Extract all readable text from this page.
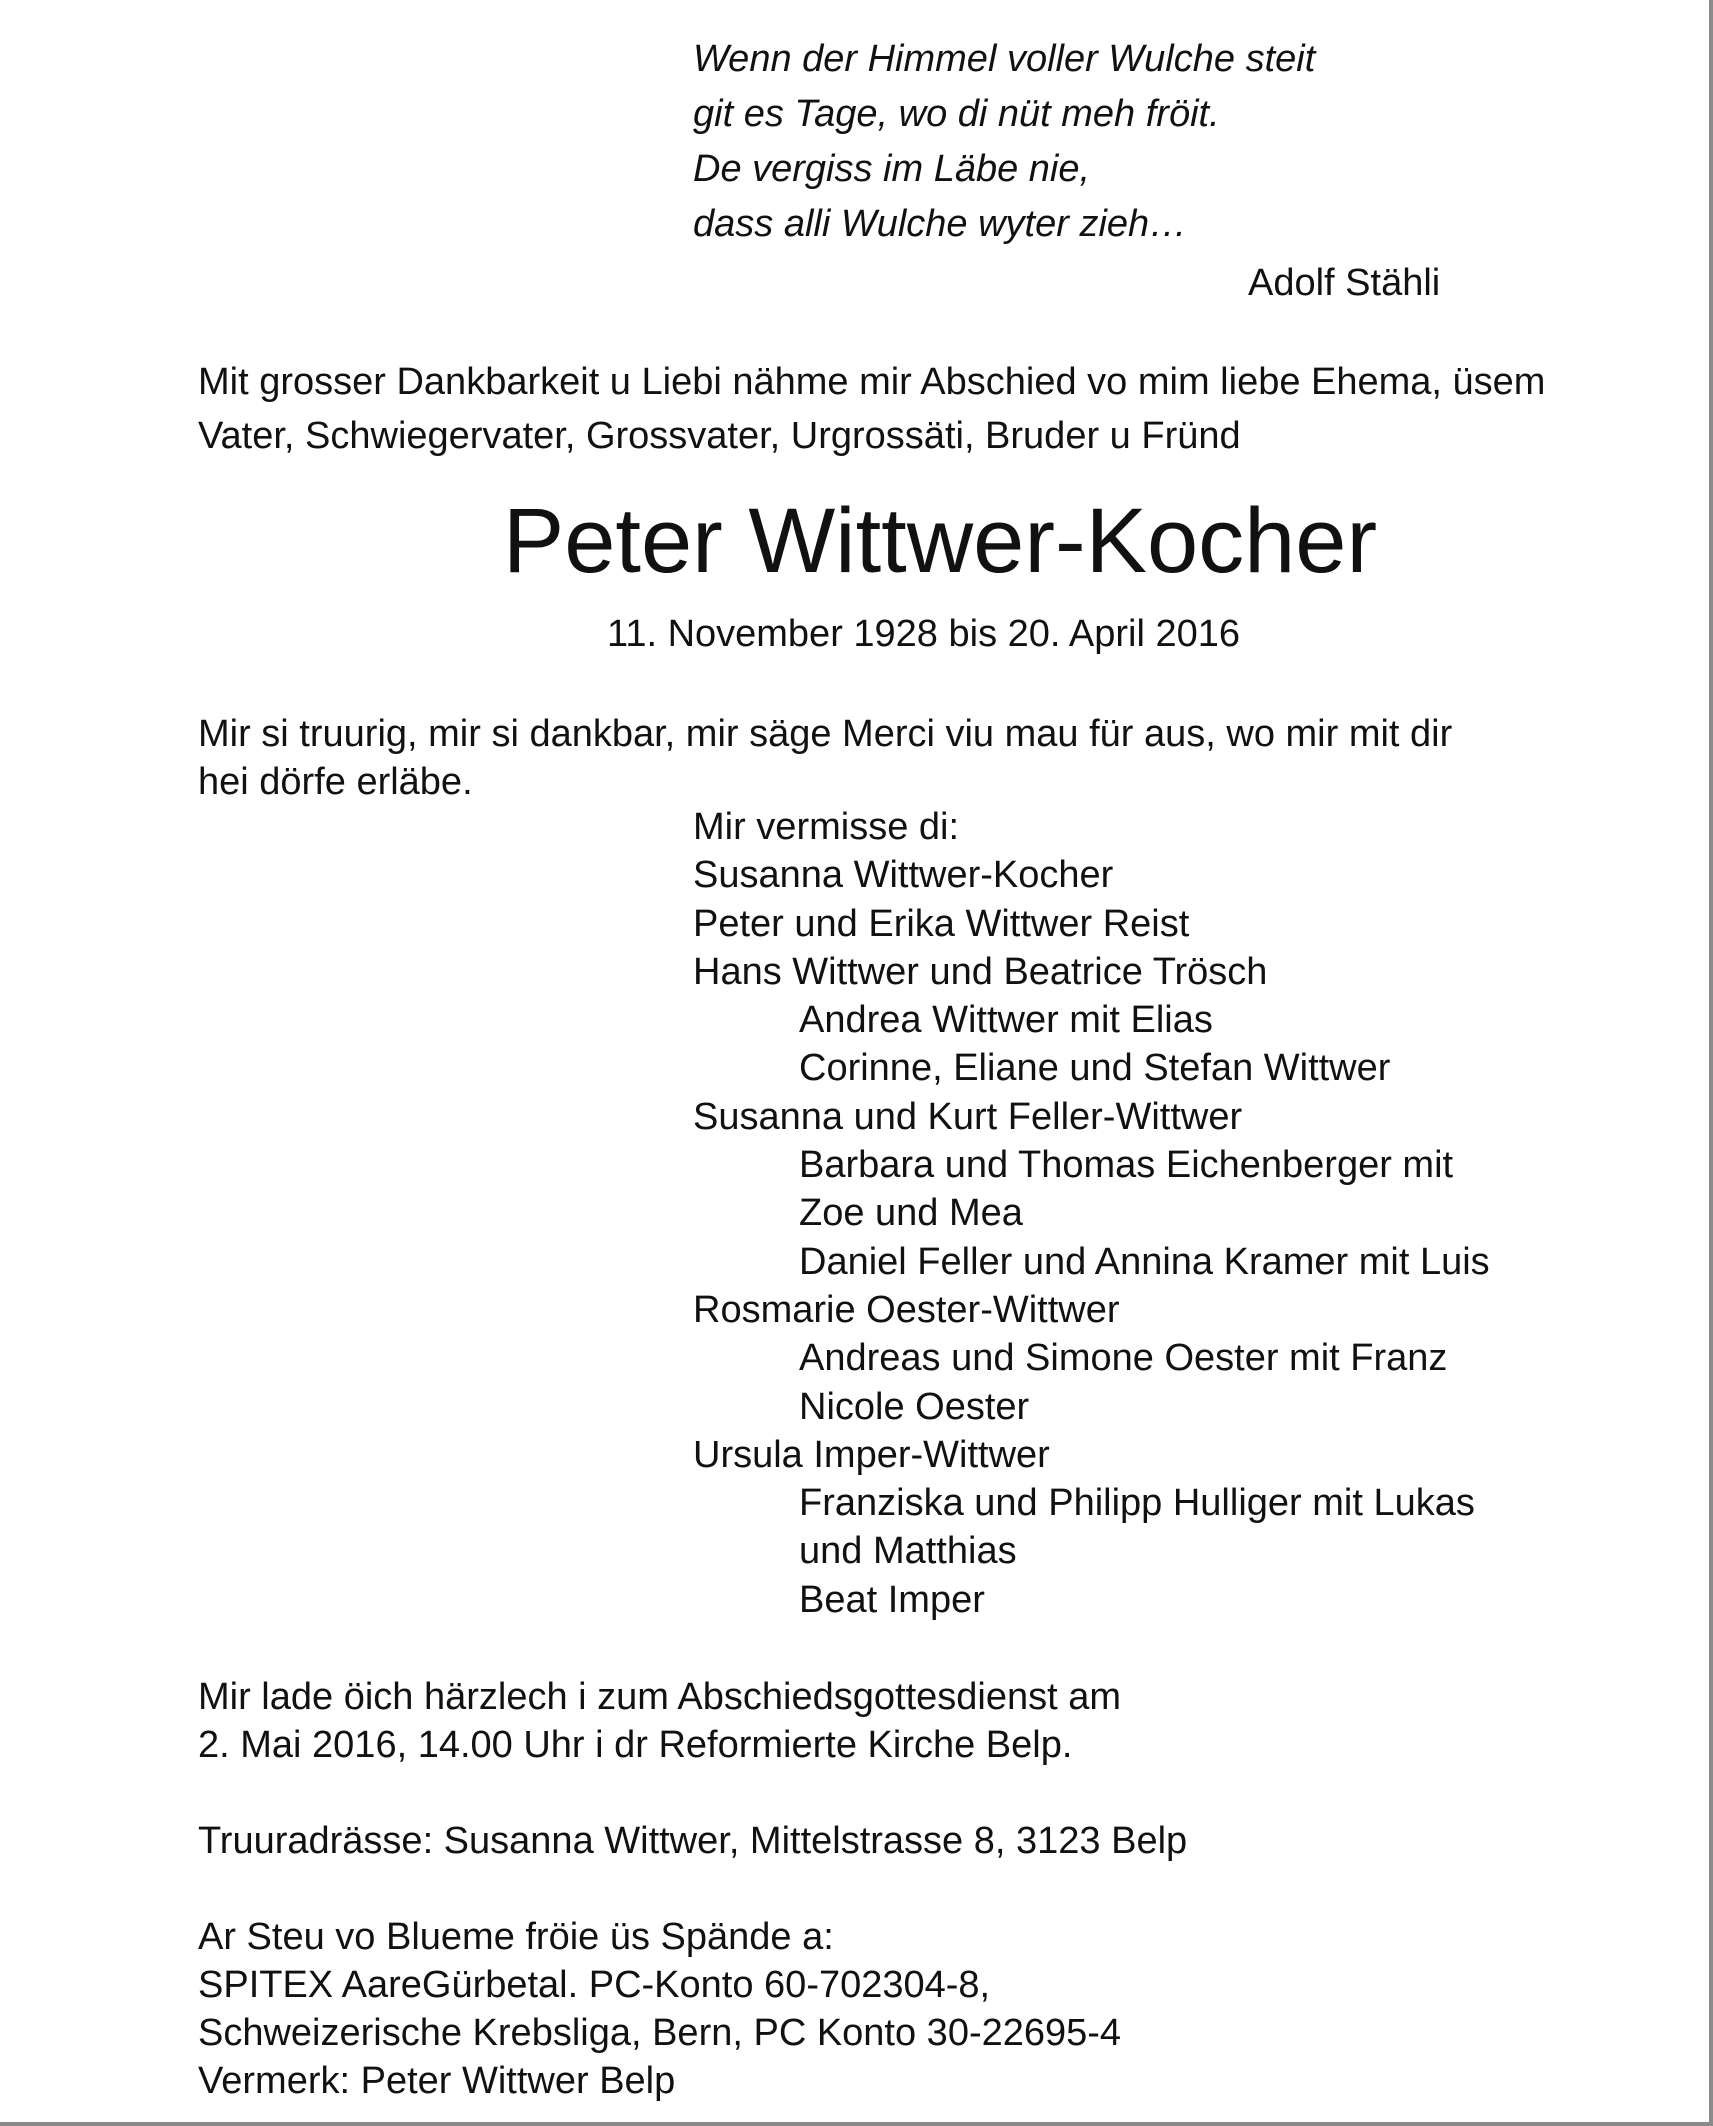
Wenn der Himmel voller Wulche steit
git es Tage, wo di nüt meh fröit.
De vergiss im Läbe nie,
dass alli Wulche wyter zieh…
Adolf Stähli
Mit grosser Dankbarkeit u Liebi nähme mir Abschied vo mim liebe Ehema, üsem
Vater, Schwiegervater, Grossvater, Urgrossäti, Bruder u Fründ
Peter Wittwer-Kocher
11. November 1928 bis 20. April 2016
Mir si truurig, mir si dankbar, mir säge Merci viu mau für aus, wo mir mit dir
hei dörfe erläbe.
Mir vermisse di:
Susanna Wittwer-Kocher
Peter und Erika Wittwer Reist
Hans Wittwer und Beatrice Trösch
Andrea Wittwer mit Elias
Corinne, Eliane und Stefan Wittwer
Susanna und Kurt Feller-Wittwer
Barbara und Thomas Eichenberger mit
Zoe und Mea
Daniel Feller und Annina Kramer mit Luis
Rosmarie Oester-Wittwer
Andreas und Simone Oester mit Franz
Nicole Oester
Ursula Imper-Wittwer
Franziska und Philipp Hulliger mit Lukas
und Matthias
Beat Imper
Mir lade öich härzlech i zum Abschiedsgottesdienst am
2. Mai 2016, 14.00 Uhr i dr Reformierte Kirche Belp.
Truuradrässe: Susanna Wittwer, Mittelstrasse 8, 3123 Belp
Ar Steu vo Blueme fröie üs Spände a:
SPITEX AareGürbetal. PC-Konto 60-702304-8,
Schweizerische Krebsliga, Bern, PC Konto 30-22695-4
Vermerk: Peter Wittwer Belp
